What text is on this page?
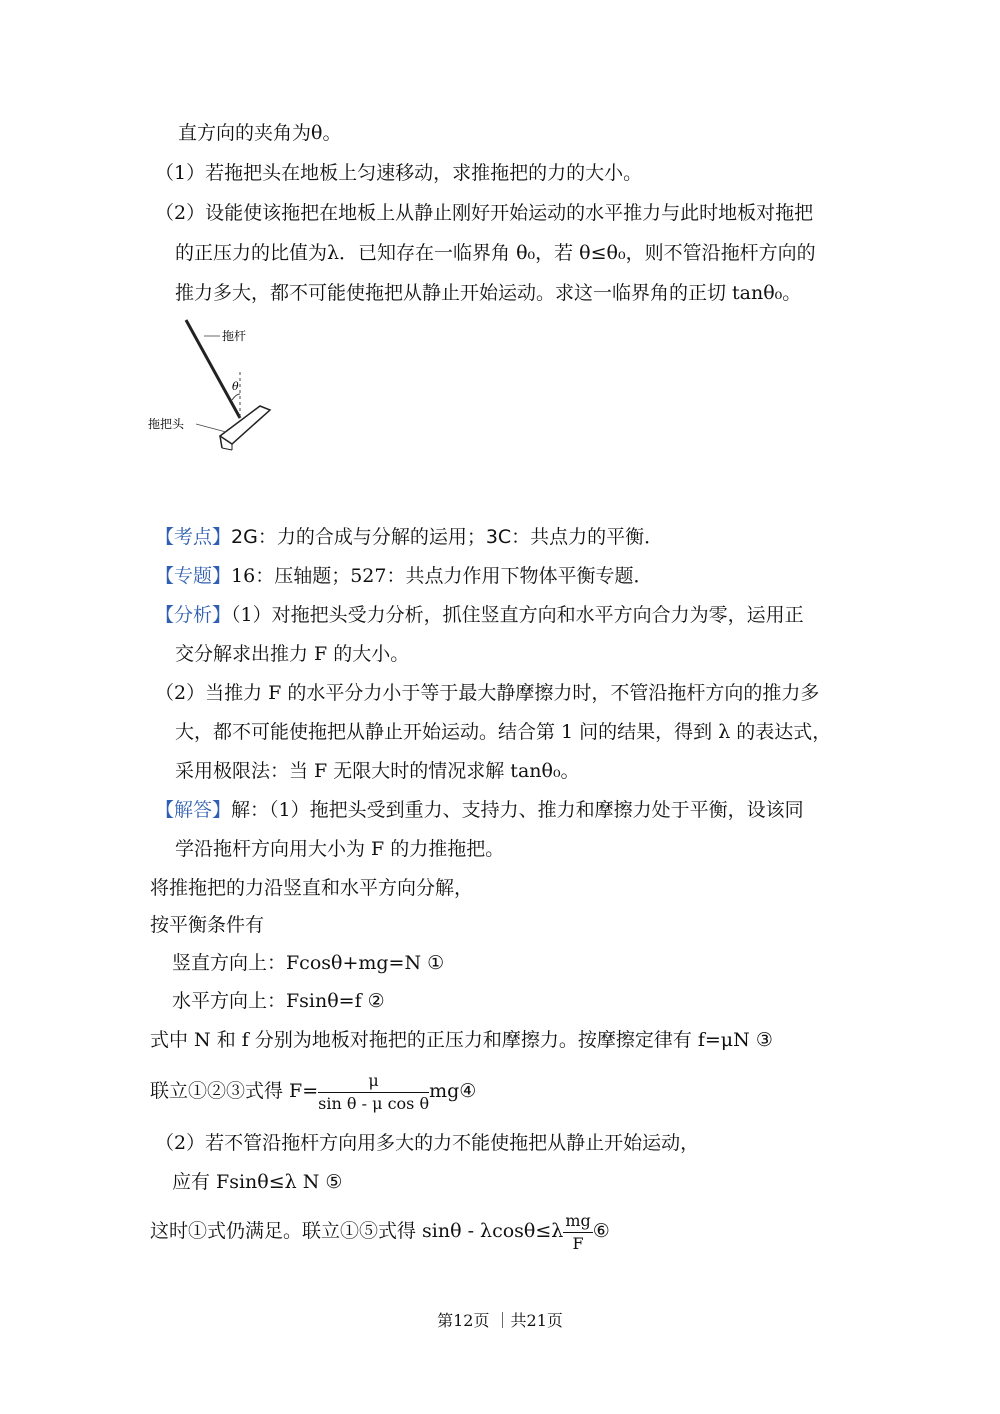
直方向的夹角为θ。
（1）若拖把头在地板上匀速移动，求推拖把的力的大小。
（2）设能使该拖把在地板上从静止刚好开始运动的水平推力与此时地板对拖把
的正压力的比值为λ．已知存在一临界角 θ₀，若 θ≤θ₀，则不管沿拖杆方向的
推力多大，都不可能使拖把从静止开始运动。求这一临界角的正切 tanθ₀。
拖杆
θ
拖把头
【考点】2G：力的合成与分解的运用；3C：共点力的平衡．
【专题】16：压轴题；527：共点力作用下物体平衡专题．
【分析】（1）对拖把头受力分析，抓住竖直方向和水平方向合力为零，运用正
交分解求出推力 F 的大小。
（2）当推力 F 的水平分力小于等于最大静摩擦力时，不管沿拖杆方向的推力多
大，都不可能使拖把从静止开始运动。结合第 1 问的结果，得到 λ 的表达式，
采用极限法：当 F 无限大时的情况求解 tanθ₀。
【解答】解：（1）拖把头受到重力、支持力、推力和摩擦力处于平衡，设该同
学沿拖杆方向用大小为 F 的力推拖把。
将推拖把的力沿竖直和水平方向分解，
按平衡条件有
竖直方向上：Fcosθ+mg=N ①
水平方向上：Fsinθ=f ②
式中 N 和 f 分别为地板对拖把的正压力和摩擦力。按摩擦定律有 f=μN ③
联立①②③式得 $F= \frac{\mu}{\text{sin θ - μ cos θ}}$ mg④
（2）若不管沿拖杆方向用多大的力不能使拖把从静止开始运动，
应有 Fsinθ≤λ N ⑤
这时①式仍满足。联立①⑤式得 $\sin\theta - \lambda\cos\theta\le\lambda \frac{mg}{F}$ ⑥
第12页 ｜共21页
